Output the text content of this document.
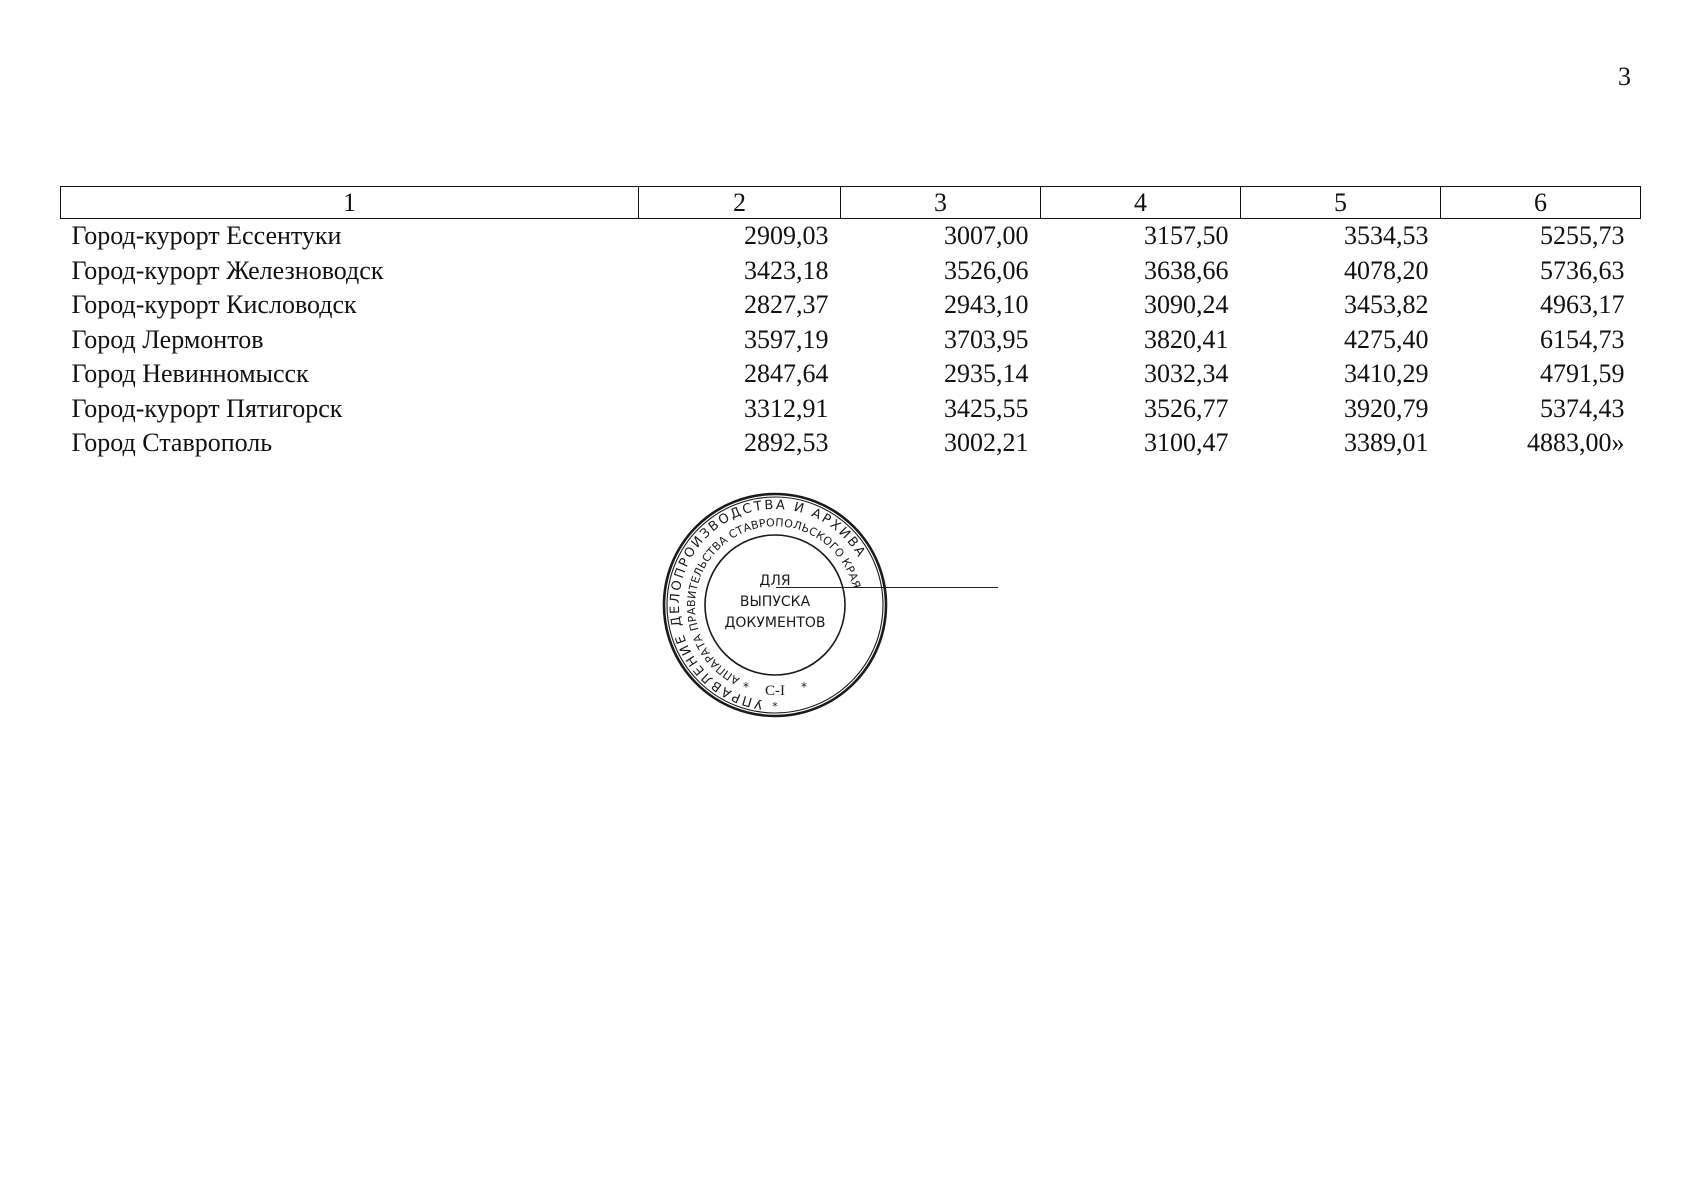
3
1	2	3	4	5	6
Город-курорт Ессентуки	2909,03	3007,00	3157,50	3534,53	5255,73
Город-курорт Железноводск	3423,18	3526,06	3638,66	4078,20	5736,63
Город-курорт Кисловодск	2827,37	2943,10	3090,24	3453,82	4963,17
Город Лермонтов	3597,19	3703,95	3820,41	4275,40	6154,73
Город Невинномысск	2847,64	2935,14	3032,34	3410,29	4791,59
Город-курорт Пятигорск	3312,91	3425,55	3526,77	3920,79	5374,43
Город Ставрополь	2892,53	3002,21	3100,47	3389,01	4883,00»
УПРАВЛЕНИЕ ДЕЛОПРОИЗВОДСТВА И АРХИВА
АППАРАТА ПРАВИТЕЛЬСТВА СТАВРОПОЛЬСКОГО КРАЯ
ДЛЯ
ВЫПУСКА
ДОКУМЕНТОВ
С-I
*	*
*
